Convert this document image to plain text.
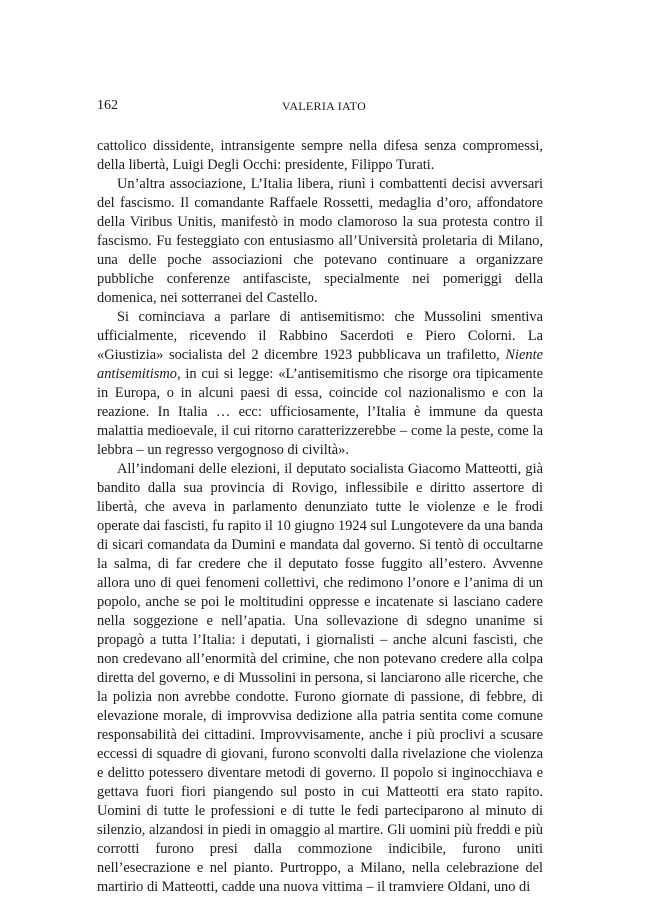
162	VALERIA IATO

cattolico dissidente, intransigente sempre nella difesa senza compromessi, della libertà, Luigi Degli Occhi: presidente, Filippo Turati.

Un’altra associazione, L’Italia libera, riunì i combattenti decisi avversari del fascismo. Il comandante Raffaele Rossetti, medaglia d’oro, affondatore della Viribus Unitis, manifestò in modo clamoroso la sua protesta contro il fascismo. Fu festeggiato con entusiasmo all’Università proletaria di Milano, una delle poche associazioni che potevano continuare a organizzare pubbliche conferenze antifasciste, specialmente nei pomeriggi della domenica, nei sotterranei del Castello.

Si cominciava a parlare di antisemitismo: che Mussolini smentiva ufficialmente, ricevendo il Rabbino Sacerdoti e Piero Colorni. La «Giustizia» socialista del 2 dicembre 1923 pubblicava un trafiletto, Niente antisemitismo, in cui si legge: «L’antisemitismo che risorge ora tipicamente in Europa, o in alcuni paesi di essa, coincide col nazionalismo e con la reazione. In Italia … ecc: ufficiosamente, l’Italia è immune da questa malattia medioevale, il cui ritorno caratterizzerebbe – come la peste, come la lebbra – un regresso vergognoso di civiltà».

All’indomani delle elezioni, il deputato socialista Giacomo Matteotti, già bandito dalla sua provincia di Rovigo, inflessibile e diritto assertore di libertà, che aveva in parlamento denunziato tutte le violenze e le frodi operate dai fascisti, fu rapito il 10 giugno 1924 sul Lungotevere da una banda di sicari comandata da Dumini e mandata dal governo. Si tentò di occultarne la salma, di far credere che il deputato fosse fuggito all’estero. Avvenne allora uno di quei fenomeni collettivi, che redimono l’onore e l’anima di un popolo, anche se poi le moltitudini oppresse e incatenate si lasciano cadere nella soggezione e nell’apatia. Una sollevazione di sdegno unanime si propagò a tutta l’Italia: i deputati, i giornalisti – anche alcuni fascisti, che non credevano all’enormità del crimine, che non potevano credere alla colpa diretta del governo, e di Mussolini in persona, si lanciarono alle ricerche, che la polizia non avrebbe condotte. Furono giornate di passione, di febbre, di elevazione morale, di improvvisa dedizione alla patria sentita come comune responsabilità dei cittadini. Improvvisamente, anche i più proclivi a scusare eccessi di squadre di giovani, furono sconvolti dalla rivelazione che violenza e delitto potessero diventare metodi di governo. Il popolo si inginocchiava e gettava fuori fiori piangendo sul posto in cui Matteotti era stato rapito. Uomini di tutte le professioni e di tutte le fedi parteciparono al minuto di silenzio, alzandosi in piedi in omaggio al martire. Gli uomini più freddi e più corrotti furono presi dalla commozione indicibile, furono uniti nell’esecrazione e nel pianto. Purtroppo, a Milano, nella celebrazione del martirio di Matteotti, cadde una nuova vittima – il tramviere Oldani, uno di
